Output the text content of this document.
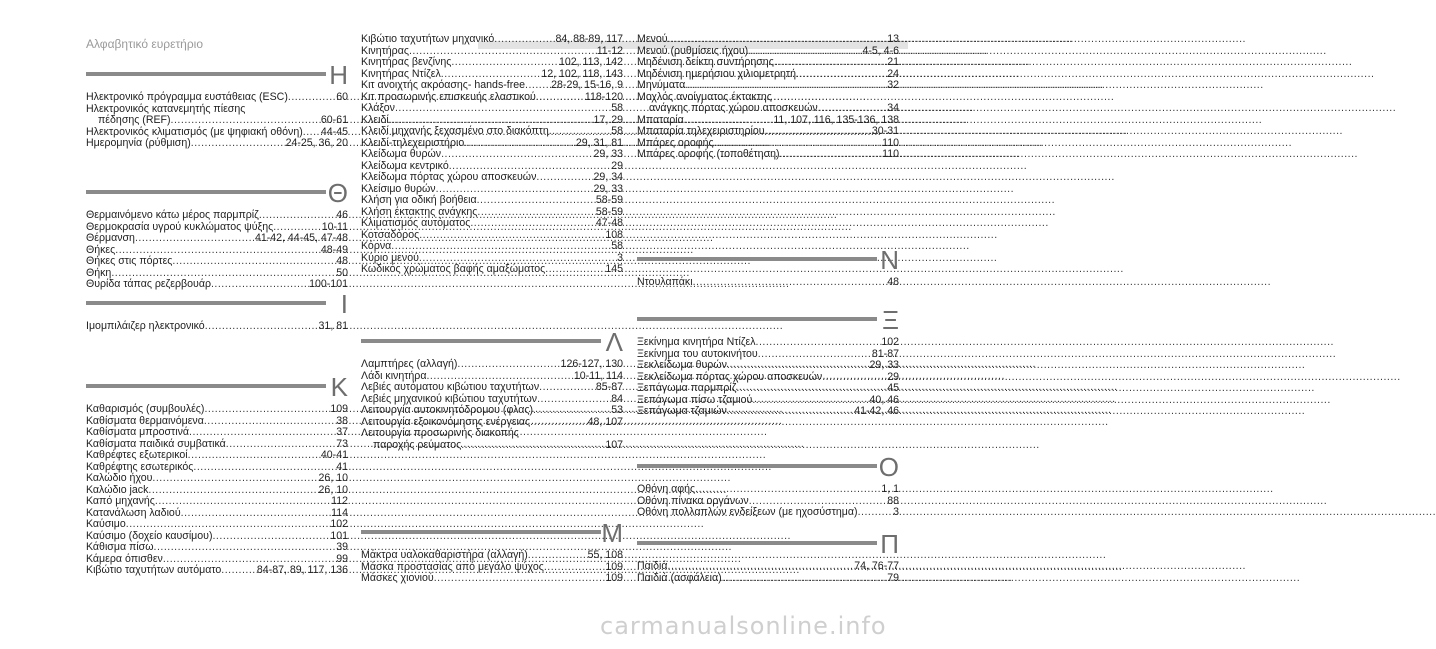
Αλφαβητικό ευρετήριο
Η
Ηλεκτρονικό πρόγραμμα ευστάθειας (ESC) .....	60
Ηλεκτρονικός κατανεμητής πίεσης
πέδησης (REF) .....	60-61
Ηλεκτρονικός κλιματισμός (με ψηφιακή οθόνη) ..... 44-45
Ημερομηνία (ρύθμιση) .....	24-25, 36, 20
Θ
Θερμαινόμενο κάτω μέρος παρμπρίζ .....	46
Θερμοκρασία υγρού κυκλώματος ψύξης .....	10-11
Θέρμανση .....	41-42, 44-45, 47-48
Θήκες .....	48-49
Θήκες στις πόρτες .....	48
Θήκη .....	50
Θυρίδα τάπας ρεζερβουάρ .....	100-101
Ι
Ιμομπιλάιζερ ηλεκτρονικό .....	31, 81
Κ
Καθαρισμός (συμβουλές) .....	109
Καθίσματα θερμαινόμενα .....	38
Καθίσματα μπροστινά .....	37
Καθίσματα παιδικά συμβατικά .....	73
Καθρέφτες εξωτερικοί .....	40-41
Καθρέφτης εσωτερικός .....	41
Καλώδιο ήχου .....	26, 10
Καλώδιο jack .....	26, 10
Καπό μηχανής .....	112
Κατανάλωση λαδιού .....	114
Καύσιμο .....	102
Καύσιμο (δοχείο καυσίμου) .....	101
Κάθισμα πίσω .....	39
Κάμερα όπισθεν .....	99
Κιβώτιο ταχυτήτων αυτόματο .....	84-87, 89, 117, 136
Κιβώτιο ταχυτήτων μηχανικό .....	84, 88-89, 117
Κινητήρας .....	11-12
Κινητήρας βενζίνης .....	102, 113, 142
Κινητήρας Ντίζελ .....	12, 102, 118, 143
Κιτ ανοιχτής ακρόασης- hands-free ..... 28-29, 15-16, 9
Κιτ προσωρινής επισκευής ελαστικού .....	118-120
Κλάξον .....	58
Κλειδί .....	17, 29
Κλειδί μηχανής ξεχασμένο στο διακόπτη .....	58
Κλειδί-τηλεχειριστήριο .....	29, 31, 81
Κλείδωμα θυρών .....	29, 33
Κλείδωμα κεντρικό .....	29
Κλείδωμα πόρτας χώρου αποσκευών .....	29, 34
Κλείσιμο θυρών .....	29, 33
Κλήση για οδική βοήθεια .....	58-59
Κλήση έκτακτης ανάγκης .....	58-59
Κλιματισμός αυτόματος .....	47-48
Κοτσαδόρος .....	108
Κόρνα .....	58
Κύριο μενού .....	3
Κωδικός χρώματος βαφής αμαξώματος .....	145
Λ
Λαμπτήρες (αλλαγή) .....	126-127, 130
Λάδι κινητήρα .....	10-11, 114
Λεβιές αυτόματου κιβώτιου ταχυτήτων .....	85-87
Λεβιές μηχανικού κιβώτιου ταχυτήτων .....	84
Λειτουργία αυτοκινητόδρομου (φλας) .....	53
Λειτουργία εξοικονόμησης ενέργειας .....	48, 107
Λειτουργία προσωρινής διακοπής
παροχής ρεύματος .....	107
Μ
Μάκτρα υαλοκαθαριστήρα (αλλαγή) .....	55, 108
Μάσκα προστασίας από μεγάλο ψύχος .....	109
Μάσκες χιονιού .....	109
Μενού .....	13
Μενού (ρυθμίσεις ήχου) .....	4-5, 4-6
Μηδένιση δείκτη συντήρησης .....	21
Μηδένιση ημερήσιου χιλιομετρητή .....	24
Μηνύματα .....	32
Μοχλός ανοίγματος έκτακτης
ανάγκης πόρτας χώρου αποσκευών .....	34
Μπαταρία .....	11, 107, 116, 135-136, 138
Μπαταρία τηλεχειριστηρίου .....	30-31
Μπάρες οροφής .....	110
Μπάρες οροφής (τοποθέτηση) .....	110
Ν
Ντουλαπάκι .....	48
Ξ
Ξεκίνημα κινητήρα Ντίζελ .....	102
Ξεκίνημα του αυτοκινήτου .....	81-87
Ξεκλείδωμα θυρών .....	29, 33
Ξεκλείδωμα πόρτας χώρου αποσκευών .....	29
Ξεπάγωμα παρμπρίζ .....	45
Ξεπάγωμα πίσω τζαμιού .....	40, 46
Ξεπάγωμα τζαμιών .....	41-42, 46
Ο
Οθόνη αφής .....	1, 1
Οθόνη πίνακα οργάνων .....	88
Οθόνη πολλαπλών ενδείξεων (με ηχοσύστημα) .....	3
Π
Παιδιά .....	74, 76-77
Παιδιά (ασφάλεια) .....	79
carmanualsonline.info
